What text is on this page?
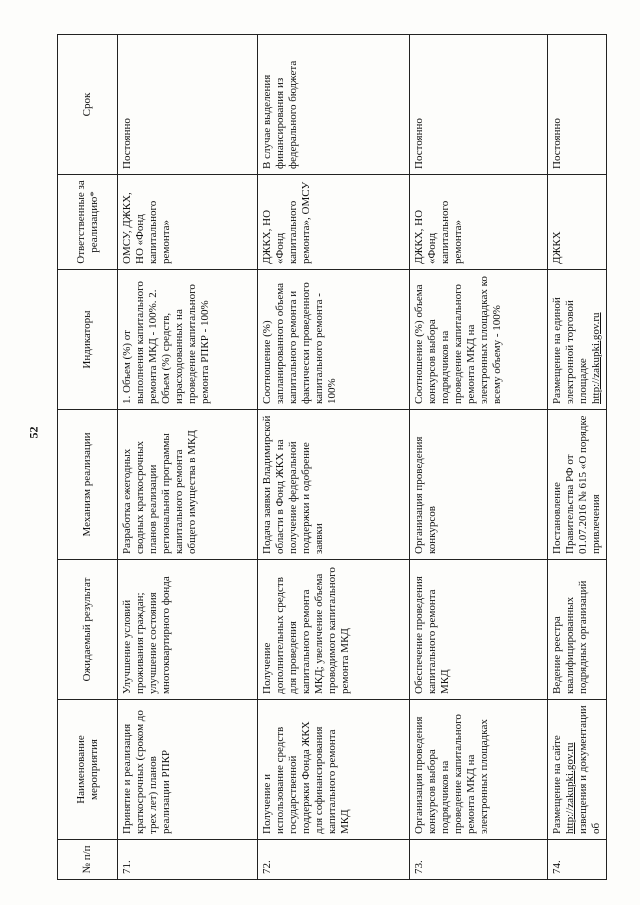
52
№ п/п	Наименование мероприятия	Ожидаемый результат	Механизм реализации	Индикаторы	Ответственные за реализацию*	Срок
71.	Принятие и реализация краткосрочных (сроком до трех лет) планов реализации РПКР	Улучшение условий проживания граждан; улучшение состояния многоквартирного фонда	Разработка ежегодных сводных краткосрочных планов реализации региональной программы капитального ремонта общего имущества в МКД	1. Объем (%) от выполнения капитального ремонта МКД - 100%. 2. Объем (%) средств, израсходованных на проведение капитального ремонта РПКР - 100%	ОМСУ, ДЖКХ, НО «Фонд капитального ремонта»	Постоянно
72.	Получение и использование средств государственной поддержки Фонда ЖКХ для софинансирования капитального ремонта МКД	Получение дополнительных средств для проведения капитального ремонта МКД; увеличение объема проводимого капитального ремонта МКД	Подача заявки Владимирской области в Фонд ЖКХ на получение федеральной поддержки и одобрение заявки	Соотношение (%) запланированного объема капитального ремонта и фактически проведенного капитального ремонта - 100%	ДЖКХ, НО «Фонд капитального ремонта», ОМСУ	В случае выделения финансирования из федерального бюджета
73.	Организация проведения конкурсов выбора подрядчиков на проведение капитального ремонта МКД на электронных площадках	Обеспечение проведения капитального ремонта МКД	Организация проведения конкурсов	Соотношение (%) объема конкурсов выбора подрядчиков на проведение капитального ремонта МКД на электронных площадках ко всему объему - 100%	ДЖКХ, НО «Фонд капитального ремонта»	Постоянно
74.	Размещение на сайте http://zakupki.gov.ru извещения и документации об	Ведение реестра квалифицированных подрядных организаций	Постановление Правительства РФ от 01.07.2016 № 615 «О порядке привлечения	Размещение на единой электронной торговой площадке http://zakupki.gov.ru	ДЖКХ	Постоянно
